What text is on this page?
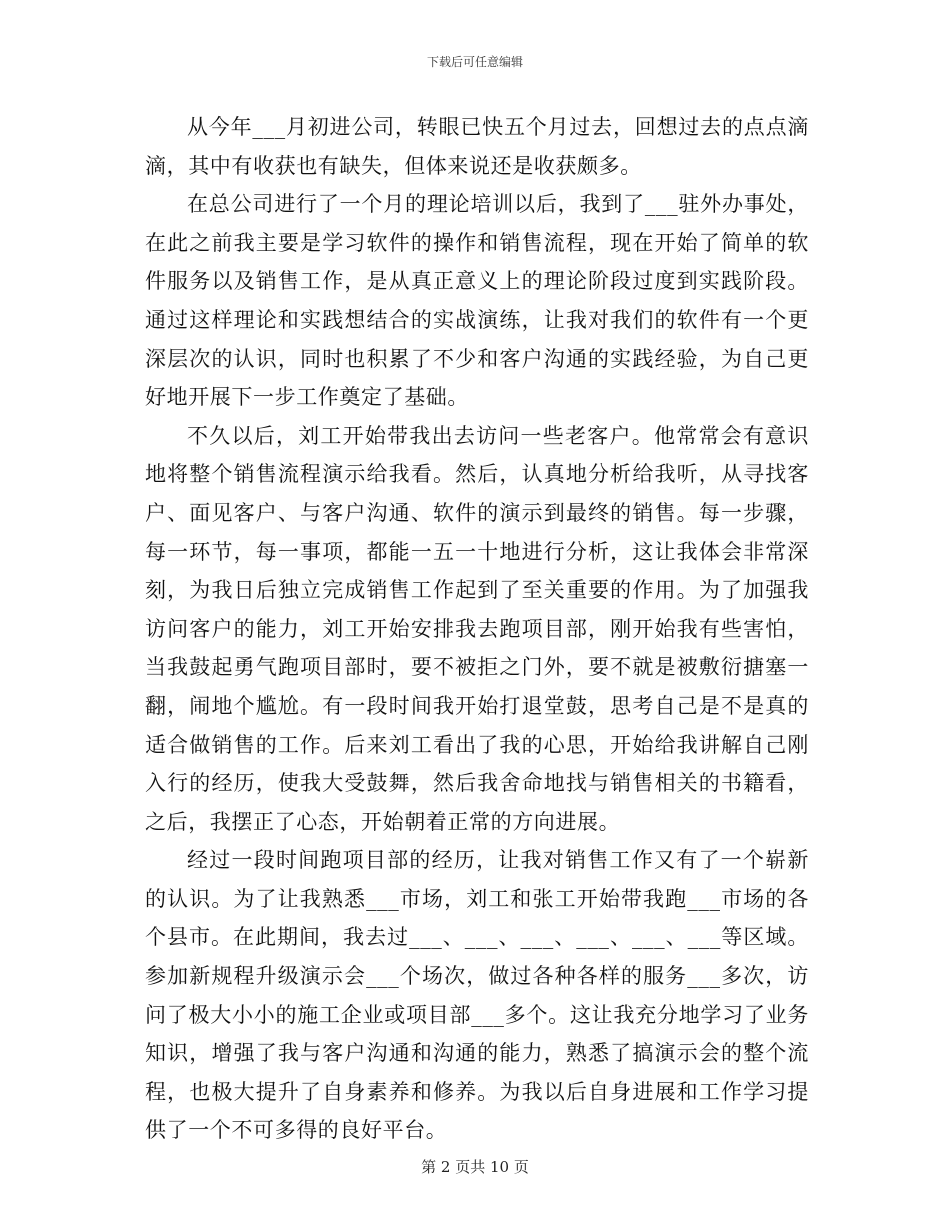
下载后可任意编辑

从今年___月初进公司，转眼已快五个月过去，回想过去的点点滴滴，其中有收获也有缺失，但体来说还是收获颇多。

在总公司进行了一个月的理论培训以后，我到了___驻外办事处，在此之前我主要是学习软件的操作和销售流程，现在开始了简单的软件服务以及销售工作，是从真正意义上的理论阶段过度到实践阶段。通过这样理论和实践想结合的实战演练，让我对我们的软件有一个更深层次的认识，同时也积累了不少和客户沟通的实践经验，为自己更好地开展下一步工作奠定了基础。

不久以后，刘工开始带我出去访问一些老客户。他常常会有意识地将整个销售流程演示给我看。然后，认真地分析给我听，从寻找客户、面见客户、与客户沟通、软件的演示到最终的销售。每一步骤，每一环节，每一事项，都能一五一十地进行分析，这让我体会非常深刻，为我日后独立完成销售工作起到了至关重要的作用。为了加强我访问客户的能力，刘工开始安排我去跑项目部，刚开始我有些害怕，当我鼓起勇气跑项目部时，要不被拒之门外，要不就是被敷衍搪塞一翻，闹地个尴尬。有一段时间我开始打退堂鼓，思考自己是不是真的适合做销售的工作。后来刘工看出了我的心思，开始给我讲解自己刚入行的经历，使我大受鼓舞，然后我舍命地找与销售相关的书籍看，之后，我摆正了心态，开始朝着正常的方向进展。

经过一段时间跑项目部的经历，让我对销售工作又有了一个崭新的认识。为了让我熟悉___市场，刘工和张工开始带我跑___市场的各个县市。在此期间，我去过___、___、___、___、___、___等区域。参加新规程升级演示会___个场次，做过各种各样的服务___多次，访问了极大小小的施工企业或项目部___多个。这让我充分地学习了业务知识，增强了我与客户沟通和沟通的能力，熟悉了搞演示会的整个流程，也极大提升了自身素养和修养。为我以后自身进展和工作学习提供了一个不可多得的良好平台。

第 2 页共 10 页
